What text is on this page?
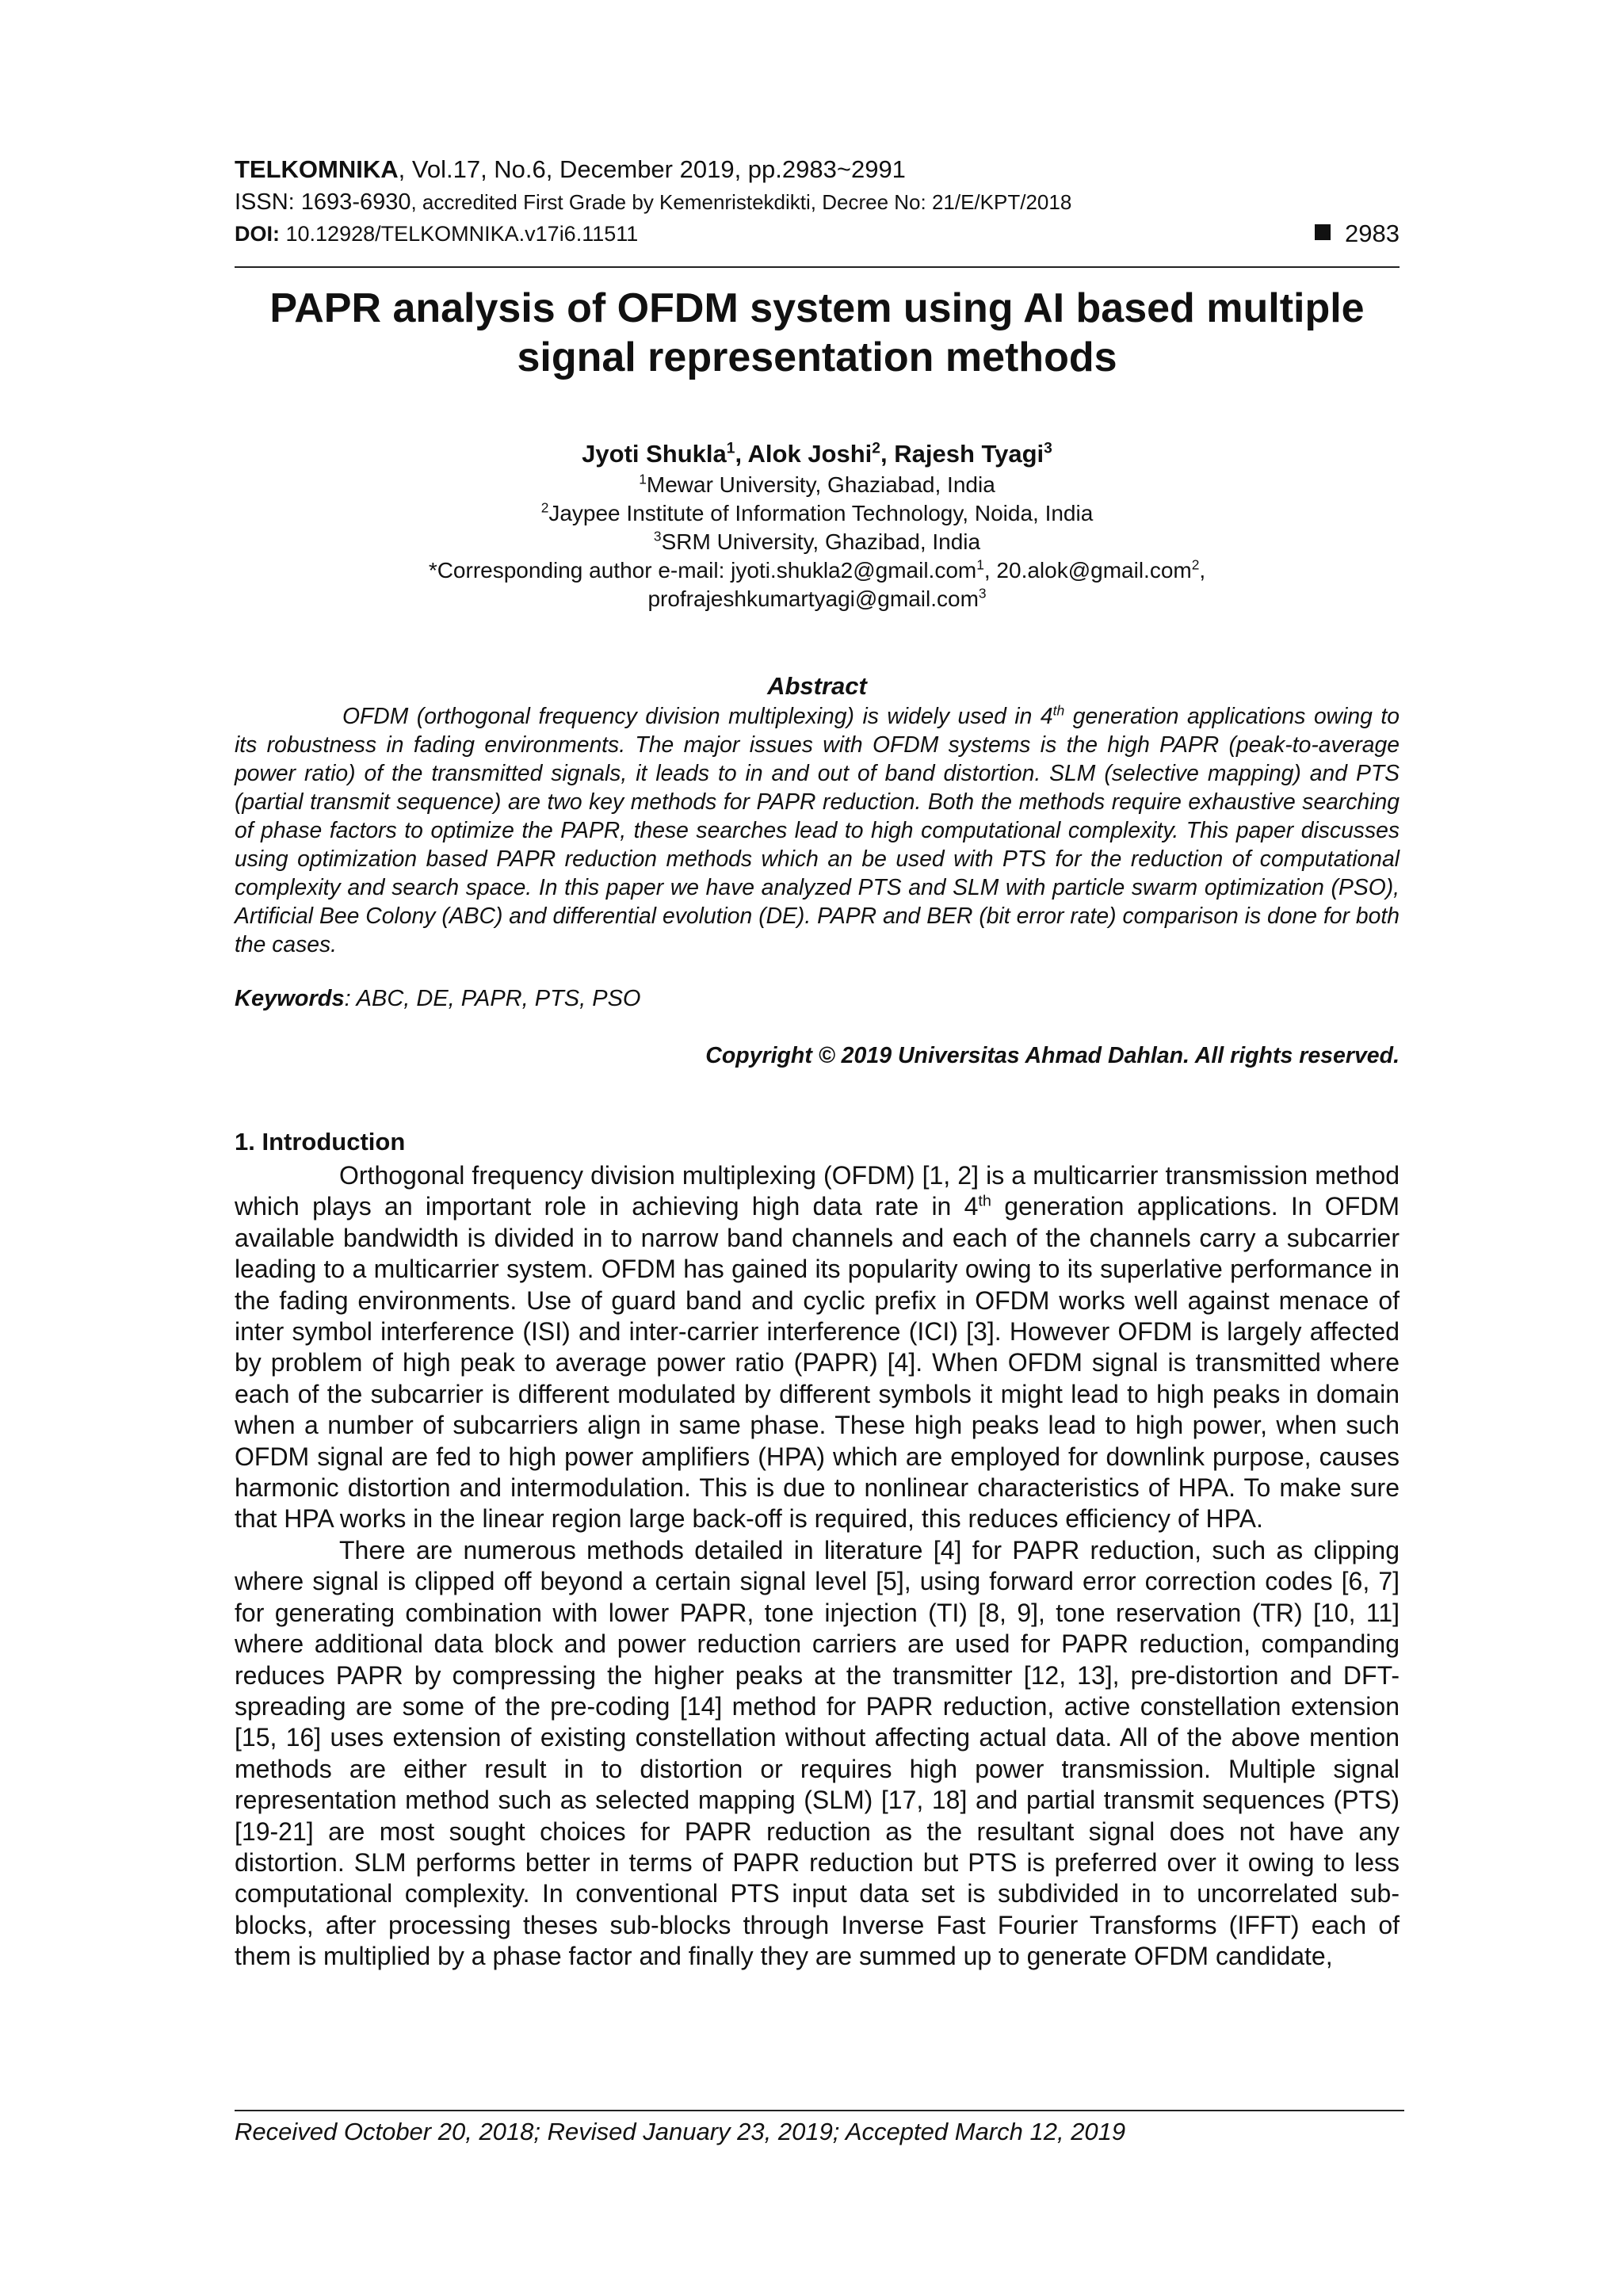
TELKOMNIKA, Vol.17, No.6, December 2019, pp.2983~2991
ISSN: 1693-6930, accredited First Grade by Kemenristekdikti, Decree No: 21/E/KPT/2018
DOI: 10.12928/TELKOMNIKA.v17i6.11511	2983
PAPR analysis of OFDM system using AI based multiple signal representation methods
Jyoti Shukla$^1$, Alok Joshi$^2$, Rajesh Tyagi$^3$
$^1$Mewar University, Ghaziabad, India
$^2$Jaypee Institute of Information Technology, Noida, India
$^3$SRM University, Ghazibad, India
*Corresponding author e-mail: jyoti.shukla2@gmail.com$^1$, 20.alok@gmail.com$^2$,
profrajeshkumartyagi@gmail.com$^3$
Abstract

OFDM (orthogonal frequency division multiplexing) is widely used in 4th generation applications owing to its robustness in fading environments. The major issues with OFDM systems is the high PAPR (peak-to-average power ratio) of the transmitted signals, it leads to in and out of band distortion. SLM (selective mapping) and PTS (partial transmit sequence) are two key methods for PAPR reduction. Both the methods require exhaustive searching of phase factors to optimize the PAPR, these searches lead to high computational complexity. This paper discusses using optimization based PAPR reduction methods which an be used with PTS for the reduction of computational complexity and search space. In this paper we have analyzed PTS and SLM with particle swarm optimization (PSO), Artificial Bee Colony (ABC) and differential evolution (DE). PAPR and BER (bit error rate) comparison is done for both the cases.

Keywords: ABC, DE, PAPR, PTS, PSO
Copyright © 2019 Universitas Ahmad Dahlan. All rights reserved.
1. Introduction

Orthogonal frequency division multiplexing (OFDM) [1, 2] is a multicarrier transmission method which plays an important role in achieving high data rate in 4th generation applications. In OFDM available bandwidth is divided in to narrow band channels and each of the channels carry a subcarrier leading to a multicarrier system. OFDM has gained its popularity owing to its superlative performance in the fading environments. Use of guard band and cyclic prefix in OFDM works well against menace of inter symbol interference (ISI) and inter-carrier interference (ICI) [3]. However OFDM is largely affected by problem of high peak to average power ratio (PAPR) [4]. When OFDM signal is transmitted where each of the subcarrier is different modulated by different symbols it might lead to high peaks in domain when a number of subcarriers align in same phase. These high peaks lead to high power, when such OFDM signal are fed to high power amplifiers (HPA) which are employed for downlink purpose, causes harmonic distortion and intermodulation. This is due to nonlinear characteristics of HPA. To make sure that HPA works in the linear region large back-off is required, this reduces efficiency of HPA.

There are numerous methods detailed in literature [4] for PAPR reduction, such as clipping where signal is clipped off beyond a certain signal level [5], using forward error correction codes [6, 7] for generating combination with lower PAPR, tone injection (TI) [8, 9], tone reservation (TR) [10, 11] where additional data block and power reduction carriers are used for PAPR reduction, companding reduces PAPR by compressing the higher peaks at the transmitter [12, 13], pre-distortion and DFT-spreading are some of the pre-coding [14] method for PAPR reduction, active constellation extension [15, 16] uses extension of existing constellation without affecting actual data. All of the above mention methods are either result in to distortion or requires high power transmission. Multiple signal representation method such as selected mapping (SLM) [17, 18] and partial transmit sequences (PTS) [19-21] are most sought choices for PAPR reduction as the resultant signal does not have any distortion. SLM performs better in terms of PAPR reduction but PTS is preferred over it owing to less computational complexity. In conventional PTS input data set is subdivided in to uncorrelated sub-blocks, after processing theses sub-blocks through Inverse Fast Fourier Transforms (IFFT) each of them is multiplied by a phase factor and finally they are summed up to generate OFDM candidate,

Received October 20, 2018; Revised January 23, 2019; Accepted March 12, 2019
